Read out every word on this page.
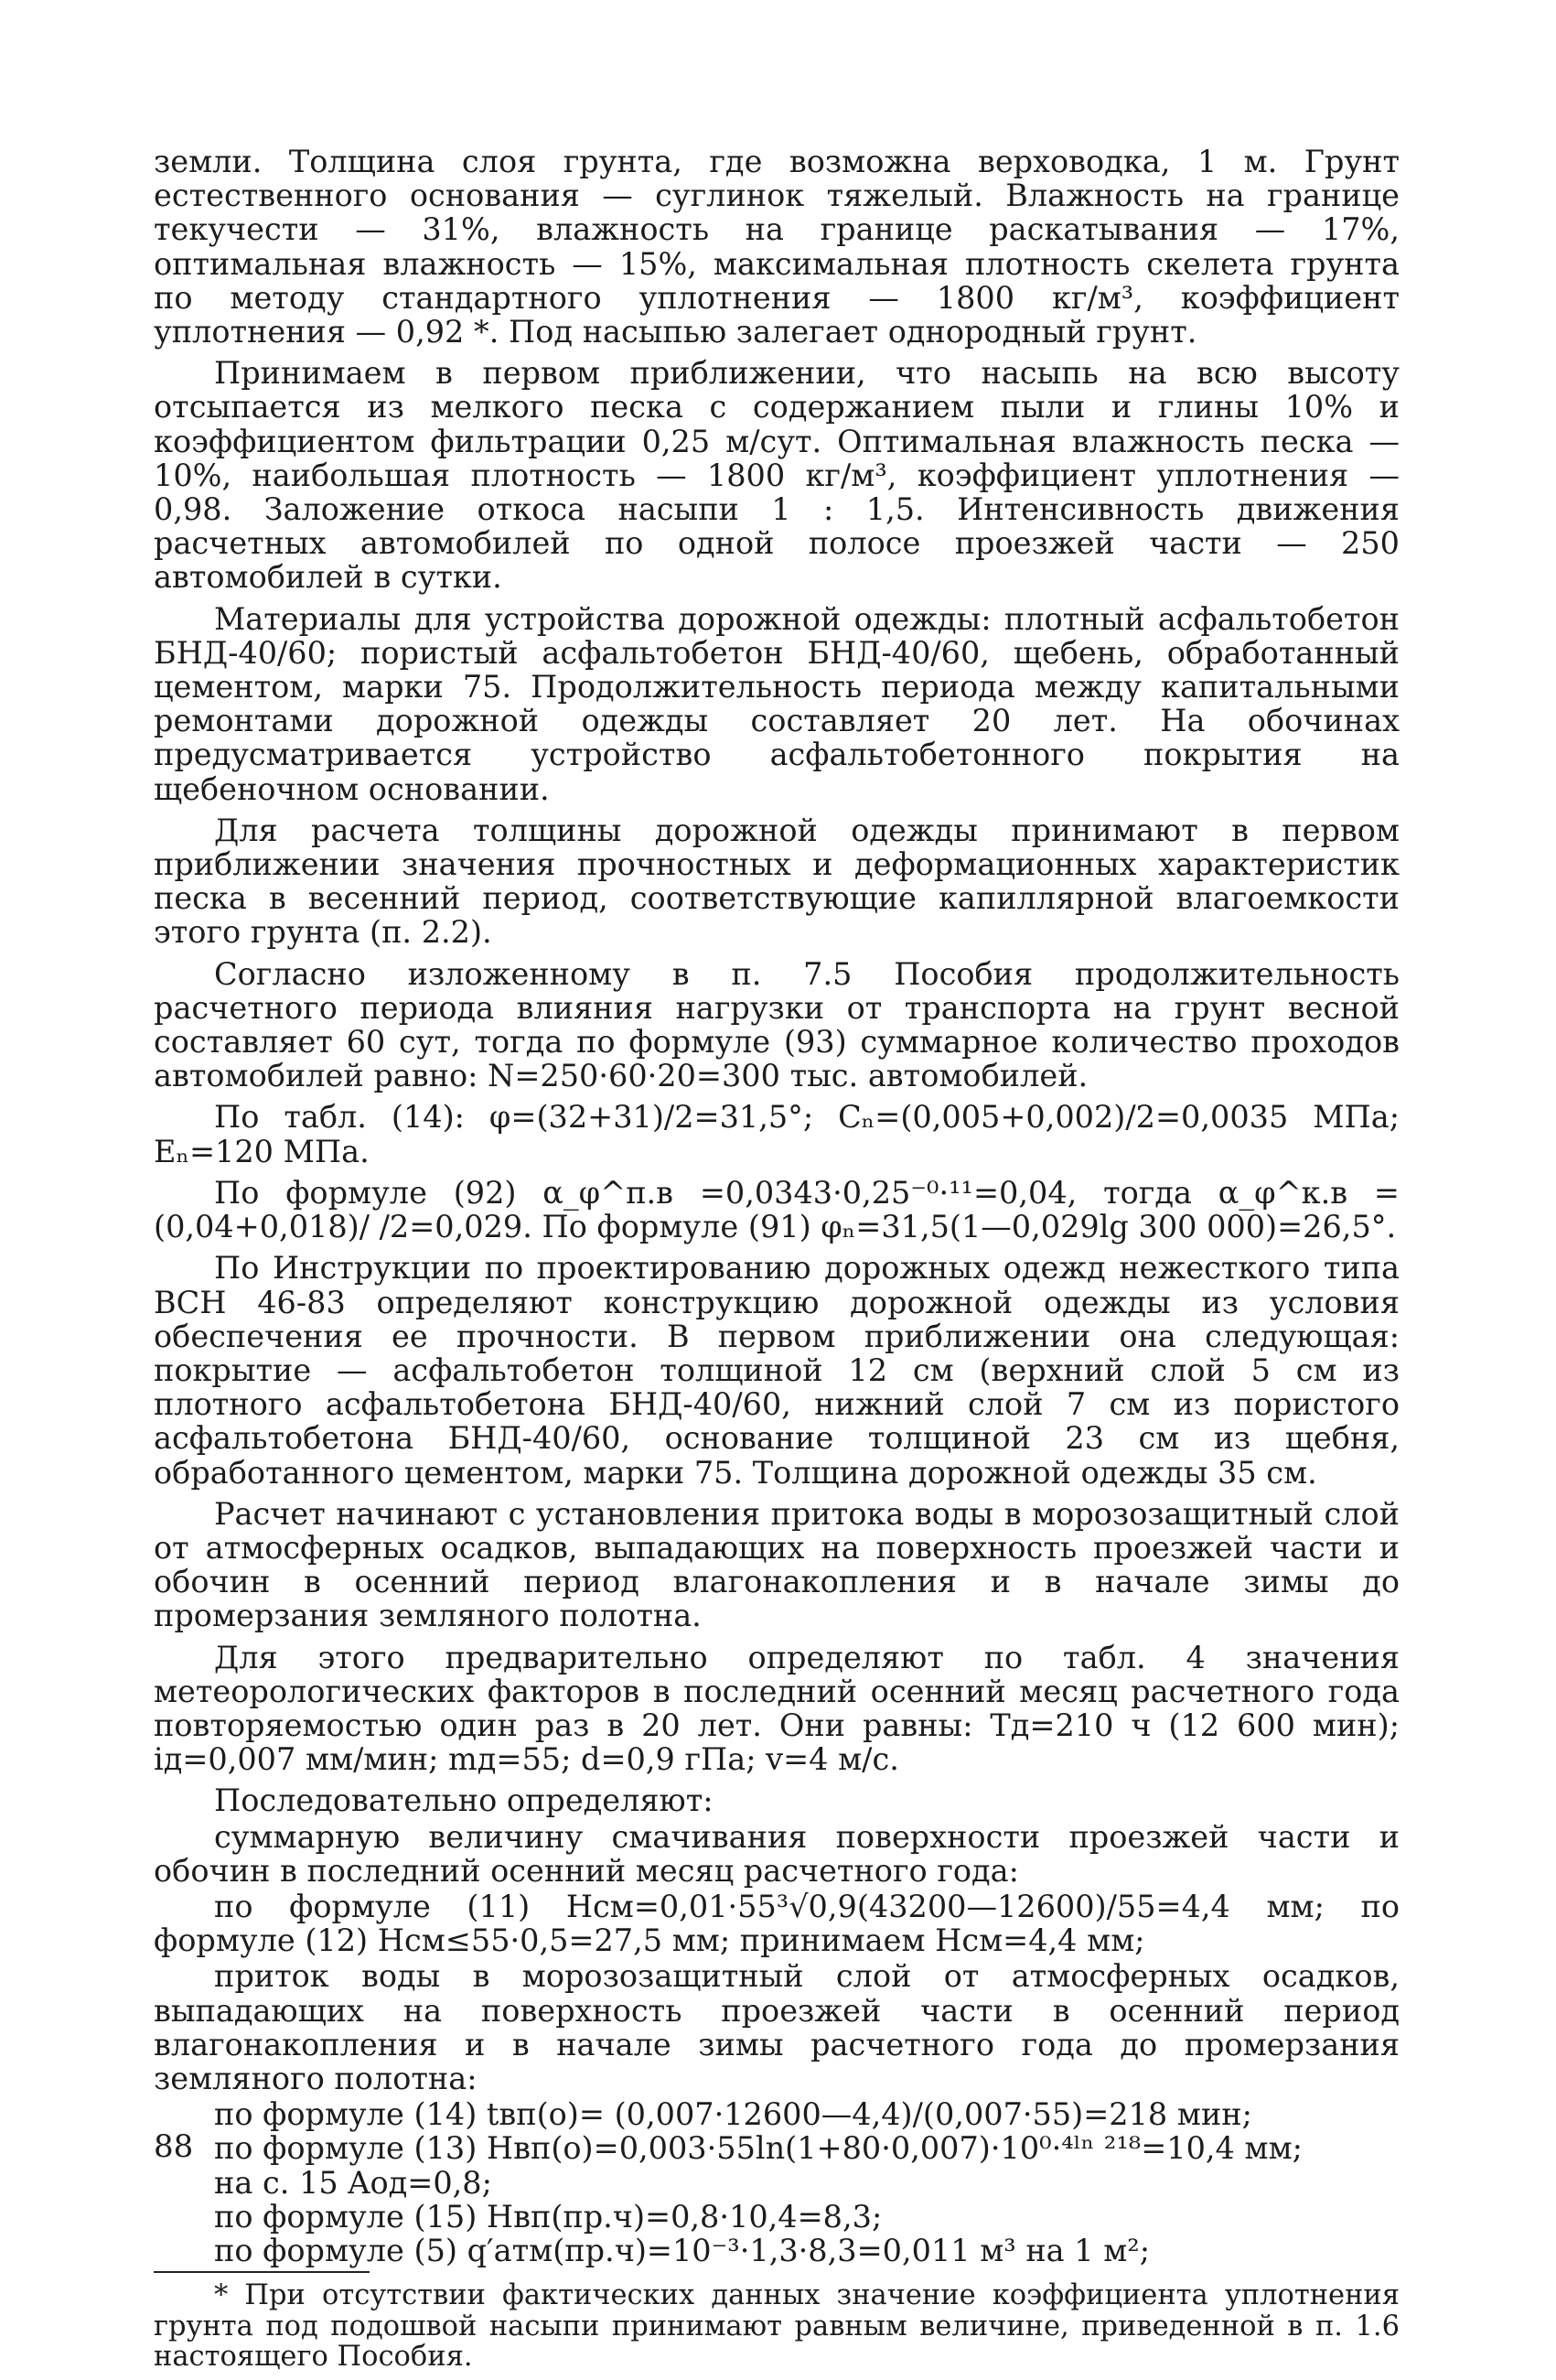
земли. Толщина слоя грунта, где возможна верховодка, 1 м. Грунт естественного основания — суглинок тяжелый. Влажность на границе текучести — 31%, влажность на границе раскатывания — 17%, оптимальная влажность — 15%, максимальная плотность скелета грунта по методу стандартного уплотнения — 1800 кг/м³, коэффициент уплотнения — 0,92 *. Под насыпью залегает однородный грунт.

Принимаем в первом приближении, что насыпь на всю высоту отсыпается из мелкого песка с содержанием пыли и глины 10% и коэффициентом фильтрации 0,25 м/сут. Оптимальная влажность песка — 10%, наибольшая плотность — 1800 кг/м³, коэффициент уплотнения — 0,98. Заложение откоса насыпи 1 : 1,5. Интенсивность движения расчетных автомобилей по одной полосе проезжей части — 250 автомобилей в сутки.

Материалы для устройства дорожной одежды: плотный асфальтобетон БНД-40/60; пористый асфальтобетон БНД-40/60, щебень, обработанный цементом, марки 75. Продолжительность периода между капитальными ремонтами дорожной одежды составляет 20 лет. На обочинах предусматривается устройство асфальтобетонного покрытия на щебеночном основании.

Для расчета толщины дорожной одежды принимают в первом приближении значения прочностных и деформационных характеристик песка в весенний период, соответствующие капиллярной влагоемкости этого грунта (п. 2.2).

Согласно изложенному в п. 7.5 Пособия продолжительность расчетного периода влияния нагрузки от транспорта на грунт весной составляет 60 сут, тогда по формуле (93) суммарное количество проходов автомобилей равно: N=250·60·20=300 тыс. автомобилей.

По табл. (14): φ=(32+31)/2=31,5°; Cₙ=(0,005+0,002)/2=0,0035 МПа; Eₙ=120 МПа.

По формуле (92) α_φ^п.в =0,0343·0,25⁻⁰·¹¹=0,04, тогда α_φ^к.в =(0,04+0,018)/ /2=0,029. По формуле (91) φₙ=31,5(1—0,029lg 300 000)=26,5°.

По Инструкции по проектированию дорожных одежд нежесткого типа ВСН 46-83 определяют конструкцию дорожной одежды из условия обеспечения ее прочности. В первом приближении она следующая: покрытие — асфальтобетон толщиной 12 см (верхний слой 5 см из плотного асфальтобетона БНД-40/60, нижний слой 7 см из пористого асфальтобетона БНД-40/60, основание толщиной 23 см из щебня, обработанного цементом, марки 75. Толщина дорожной одежды 35 см.

Расчет начинают с установления притока воды в морозозащитный слой от атмосферных осадков, выпадающих на поверхность проезжей части и обочин в осенний период влагонакопления и в начале зимы до промерзания земляного полотна.

Для этого предварительно определяют по табл. 4 значения метеорологических факторов в последний осенний месяц расчетного года повторяемостью один раз в 20 лет. Они равны: Tд=210 ч (12 600 мин); iд=0,007 мм/мин; mд=55; d=0,9 гПа; v=4 м/с.

Последовательно определяют:

суммарную величину смачивания поверхности проезжей части и обочин в последний осенний месяц расчетного года:

по формуле (11) Hсм=0,01·55³√0,9(43200—12600)/55=4,4 мм; по формуле (12) Hсм≤55·0,5=27,5 мм; принимаем Hсм=4,4 мм;

приток воды в морозозащитный слой от атмосферных осадков, выпадающих на поверхность проезжей части в осенний период влагонакопления и в начале зимы расчетного года до промерзания земляного полотна:

по формуле (14) tвп(о)= (0,007·12600—4,4)/(0,007·55)=218 мин;
по формуле (13) Hвп(о)=0,003·55ln(1+80·0,007)·10⁰·⁴ˡⁿ ²¹⁸=10,4 мм;
на с. 15 Aод=0,8;
по формуле (15) Hвп(пр.ч)=0,8·10,4=8,3;
по формуле (5) q′атм(пр.ч)=10⁻³·1,3·8,3=0,011 м³ на 1 м²;

* При отсутствии фактических данных значение коэффициента уплотнения грунта под подошвой насыпи принимают равным величине, приведенной в п. 1.6 настоящего Пособия.

88
